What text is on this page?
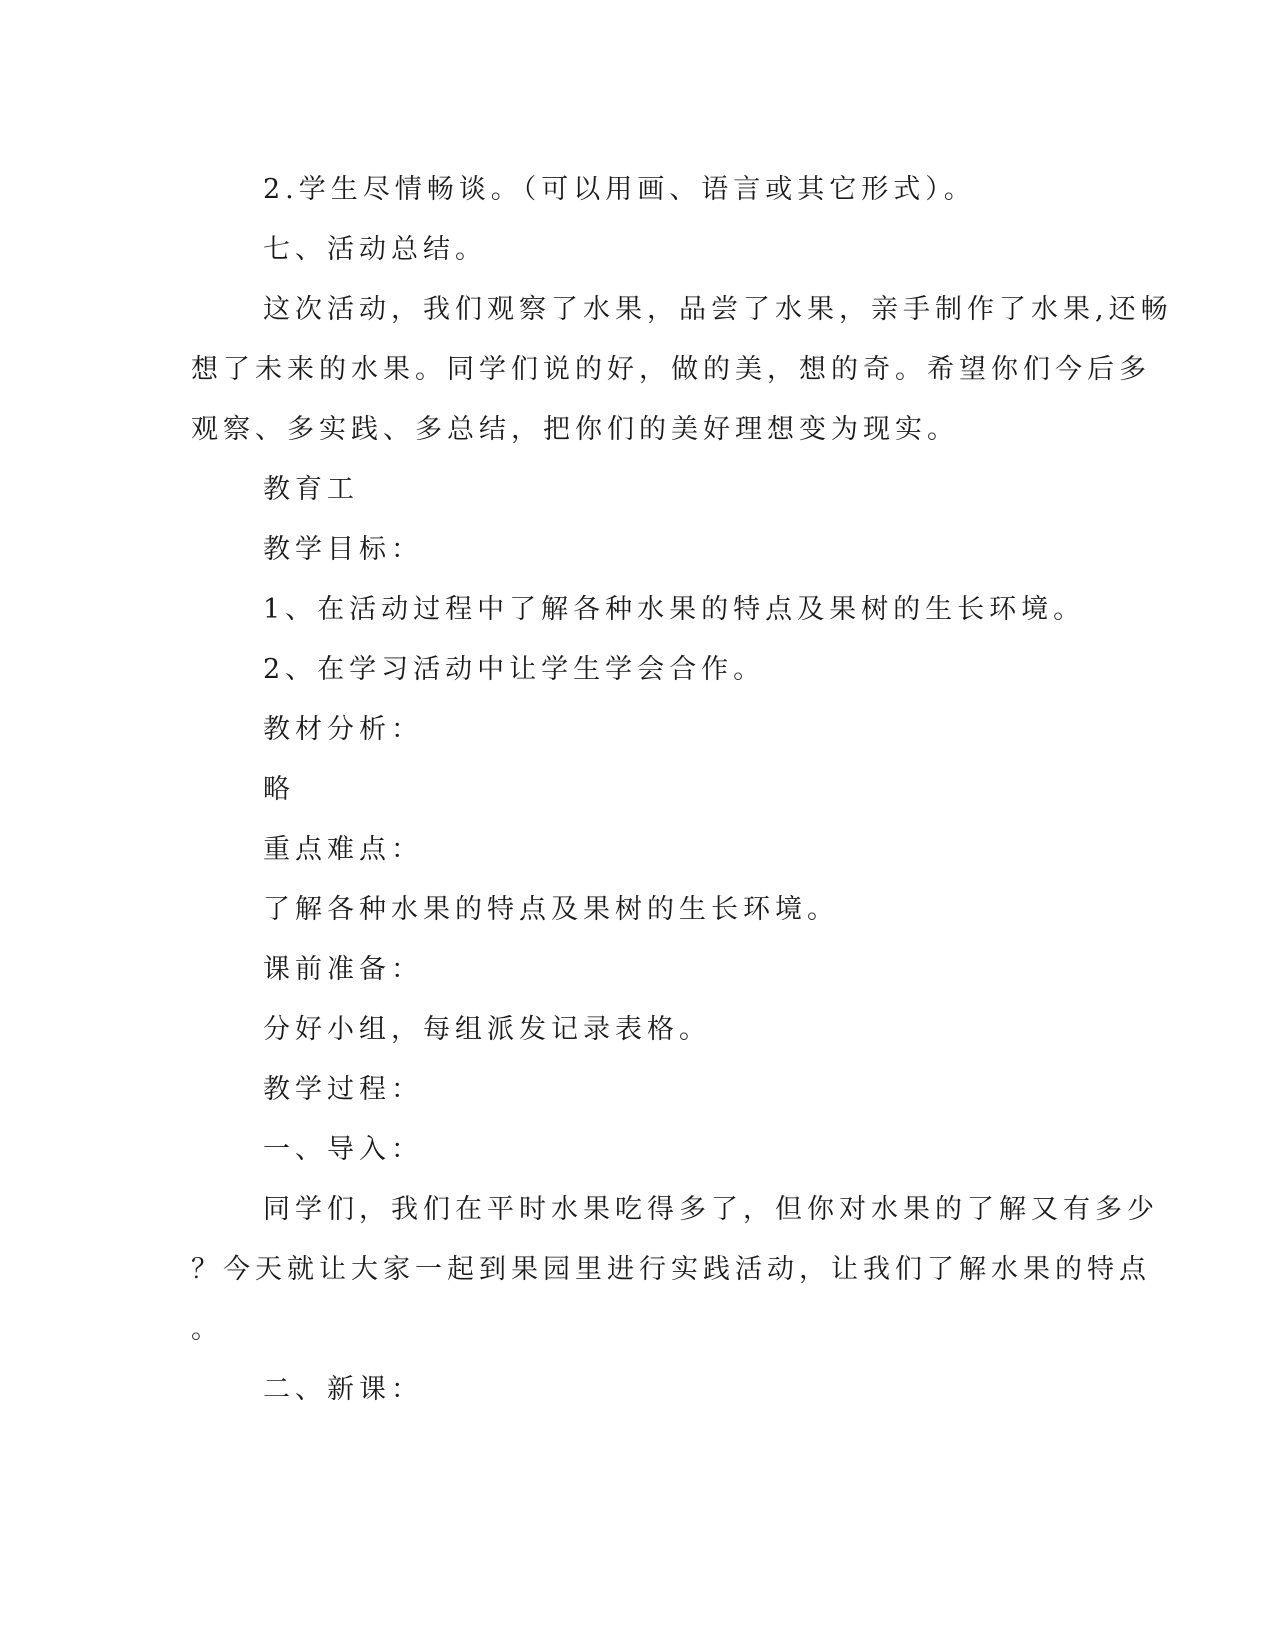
2.学生尽情畅谈。（可以用画、语言或其它形式）。

七、活动总结。

这次活动，我们观察了水果，品尝了水果，亲手制作了水果,还畅

想了未来的水果。同学们说的好，做的美，想的奇。希望你们今后多

观察、多实践、多总结，把你们的美好理想变为现实。

教育工

教学目标：

1、在活动过程中了解各种水果的特点及果树的生长环境。

2、在学习活动中让学生学会合作。

教材分析：

略

重点难点：

了解各种水果的特点及果树的生长环境。

课前准备：

分好小组，每组派发记录表格。

教学过程：

一、导入：

同学们，我们在平时水果吃得多了，但你对水果的了解又有多少

？今天就让大家一起到果园里进行实践活动，让我们了解水果的特点

。

二、新课：
